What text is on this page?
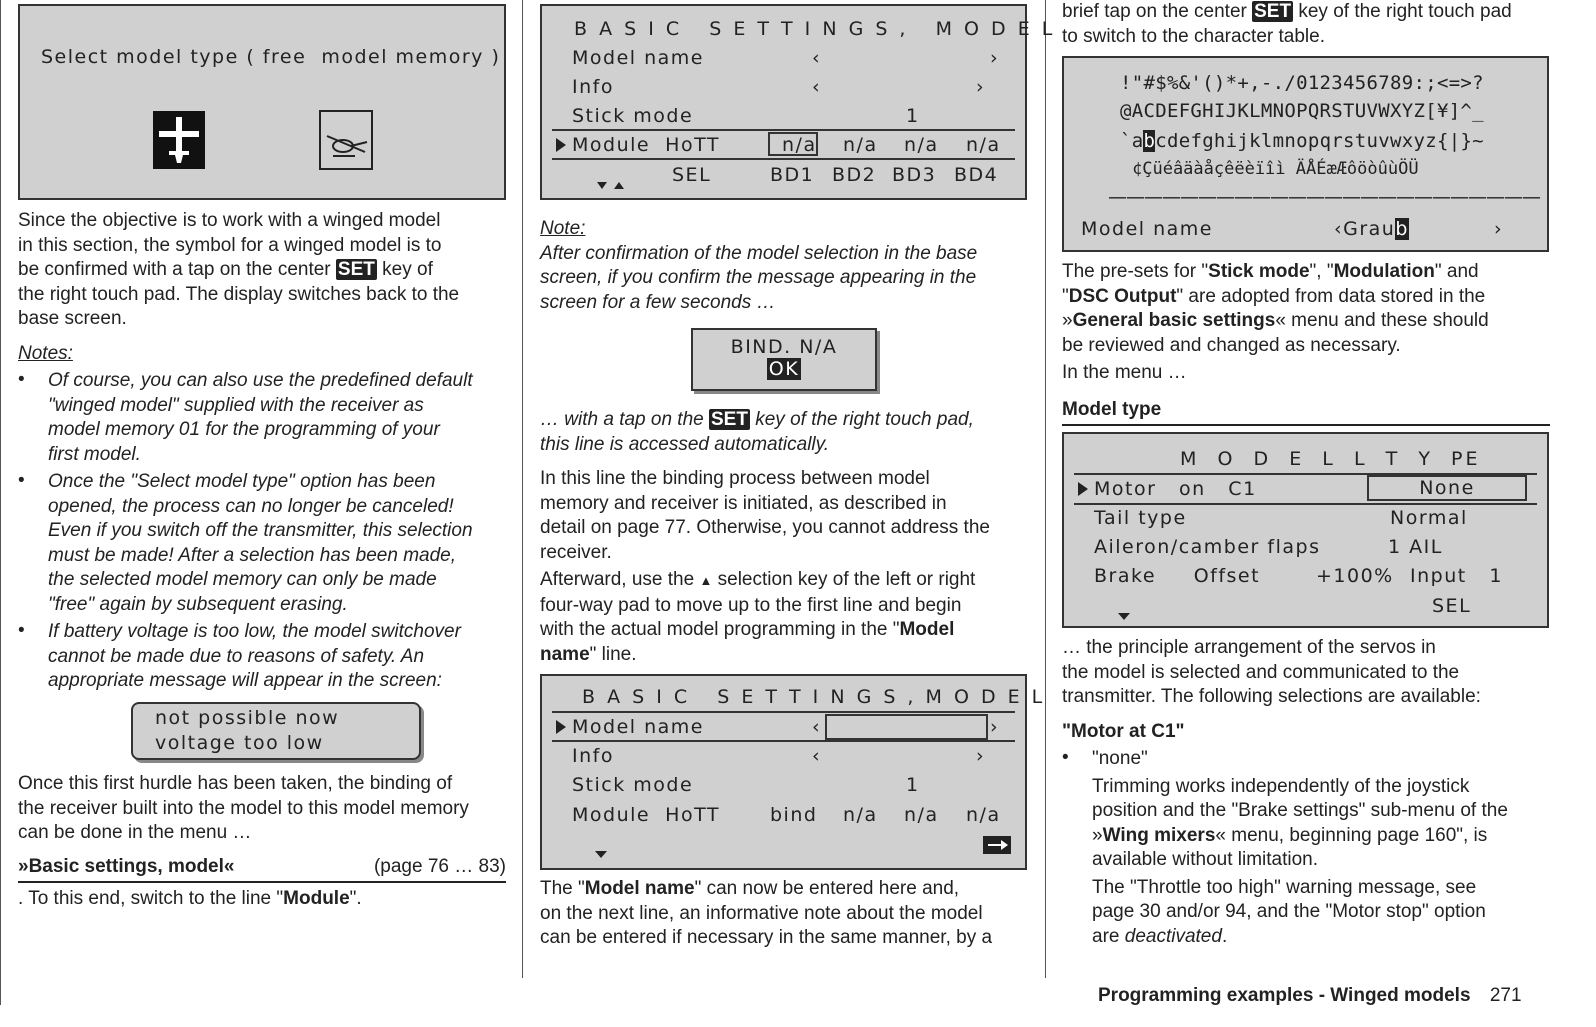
Select model type ( free  model memory )

Since the objective is to work with a winged model
in this section, the symbol for a winged model is to
be confirmed with a tap on the center SET key of
the right touch pad. The display switches back to the
base screen.

Notes:

•	Of course, you can also use the predefined default
"winged model" supplied with the receiver as
model memory 01 for the programming of your
first model.

•	Once the "Select model type" option has been
opened, the process can no longer be canceled!
Even if you switch off the transmitter, this selection
must be made! After a selection has been made,
the selected model memory can only be made
"free" again by subsequent erasing.

•	If battery voltage is too low, the model switchover
cannot be made due to reasons of safety. An
appropriate message will appear in the screen:

not possible now
voltage too low

Once this first hurdle has been taken, the binding of
the receiver built into the model to this model memory
can be done in the menu …

»Basic settings, model«	(page 76 … 83)

. To this end, switch to the line "Module".

B A S I C   S E T T I N G S ,   M O D E L
Model name	‹	›
Info	‹	›
Stick mode	1
Module  HoTT	n/a n/a n/a n/a
SEL	BD1 BD2 BD3 BD4

Note:

After confirmation of the model selection in the base
screen, if you confirm the message appearing in the
screen for a few seconds …

BIND. N/A
OK

… with a tap on the SET key of the right touch pad,
this line is accessed automatically.

In this line the binding process between model
memory and receiver is initiated, as described in
detail on page 77. Otherwise, you cannot address the
receiver.

Afterward, use the ▲ selection key of the left or right
four-way pad to move up to the first line and begin
with the actual model programming in the "Model
name" line.

B A S I C   S E T T I N G S , M O D E L
Model name	‹	›
Info	‹	›
Stick mode	1
Module  HoTT	bind n/a n/a n/a

The "Model name" can now be entered here and,
on the next line, an informative note about the model
can be entered if necessary in the same manner, by a

brief tap on the center SET key of the right touch pad
to switch to the character table.

!"#$%&'()*+,-./0123456789:;<=>?
@ACDEFGHIJKLMNOPQRSTUVWXYZ[¥]^_
`abcdefghijklmnopqrstuvwxyz{|}~
¢Çüéâäàåçêëèïîì ÄÅÉæÆôöòûùÖÜ
————————————————————————
Model name	‹Graub	›

The pre-sets for "Stick mode", "Modulation" and
"DSC Output" are adopted from data stored in the
»General basic settings« menu and these should
be reviewed and changed as necessary.

In the menu …

Model type

M  O  D  E  L  L  T  Y  PE
Motor   on   C1	None
Tail type	Normal
Aileron/camber flaps	1 AIL
Brake     Offset	+100% Input   1
SEL

… the principle arrangement of the servos in
the model is selected and communicated to the
transmitter. The following selections are available:

"Motor at C1"

•	"none"

Trimming works independently of the joystick
position and the "Brake settings" sub-menu of the
»Wing mixers« menu, beginning page 160", is
available without limitation.

The "Throttle too high" warning message, see
page 30 and/or 94, and the "Motor stop" option
are deactivated.

Programming examples - Winged models 271
